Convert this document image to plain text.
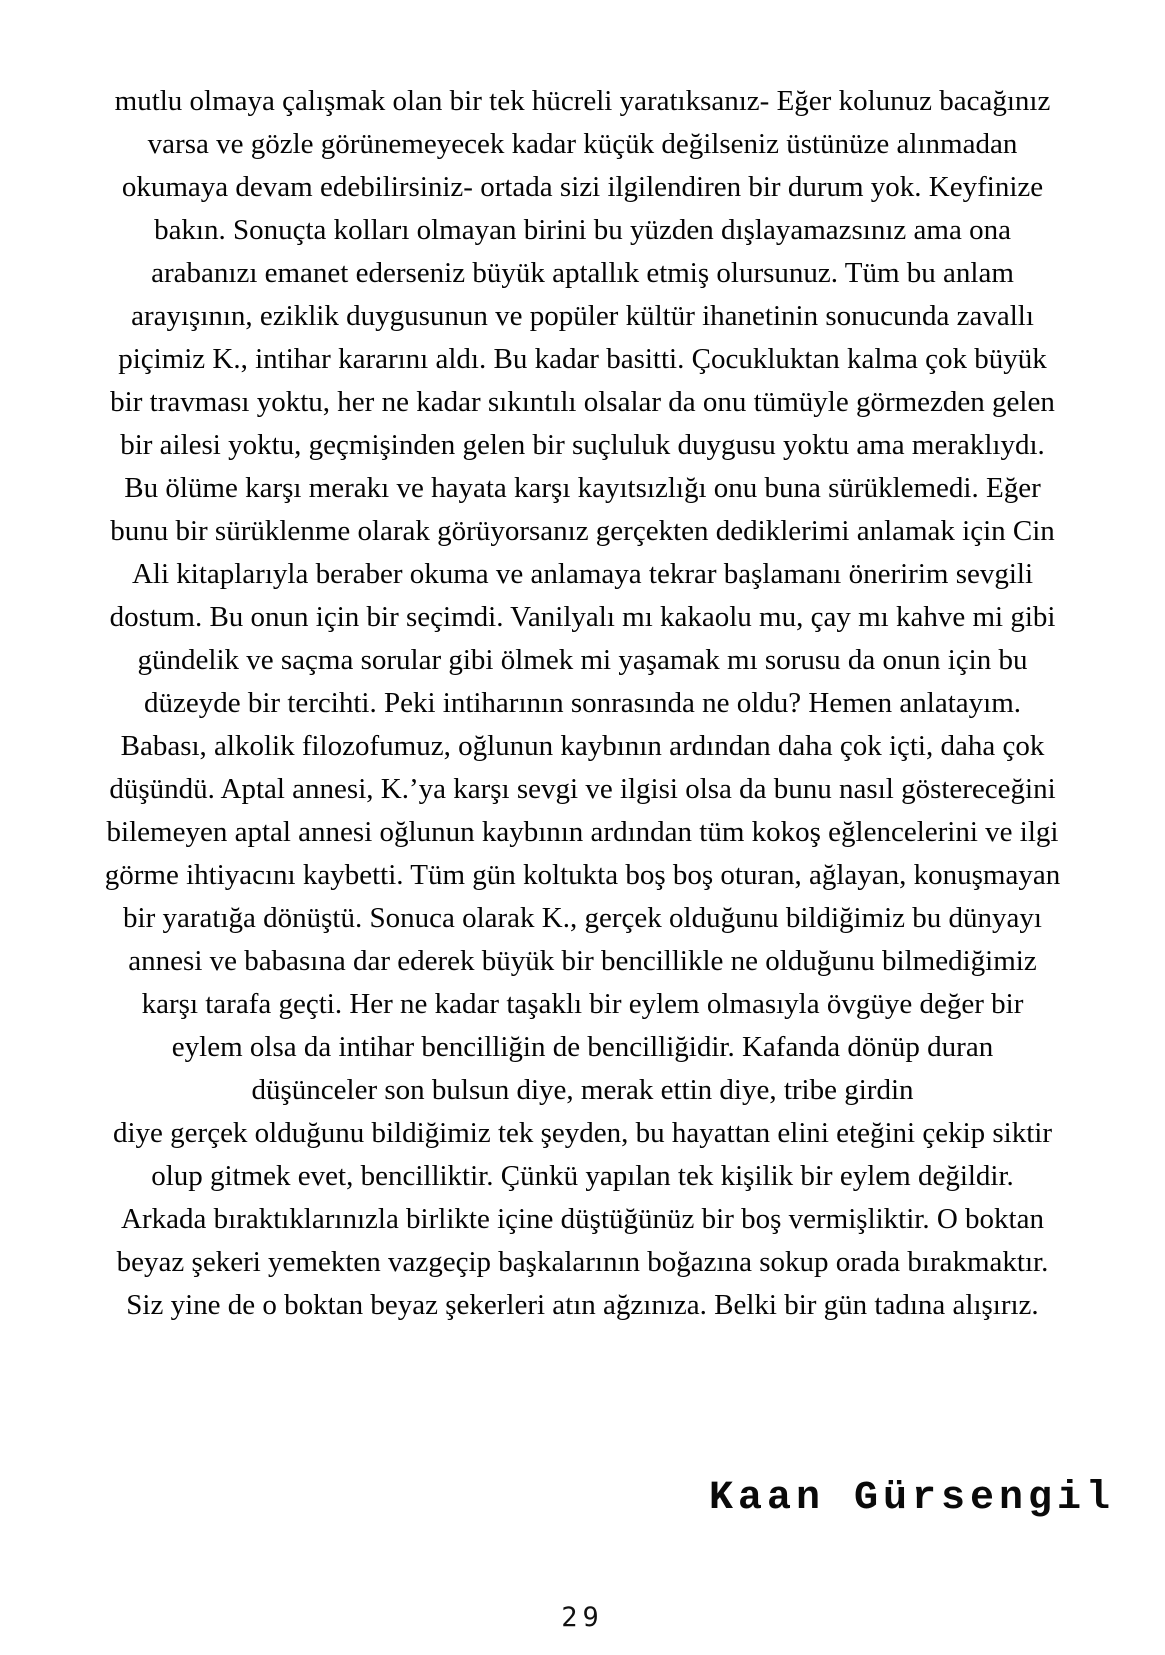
mutlu olmaya çalışmak olan bir tek hücreli yaratıksanız- Eğer kolunuz bacağınız
varsa ve gözle görünemeyecek kadar küçük değilseniz üstünüze alınmadan
okumaya devam edebilirsiniz- ortada sizi ilgilendiren bir durum yok. Keyfinize
bakın. Sonuçta kolları olmayan birini bu yüzden dışlayamazsınız ama ona
arabanızı emanet ederseniz büyük aptallık etmiş olursunuz. Tüm bu anlam
arayışının, eziklik duygusunun ve popüler kültür ihanetinin sonucunda zavallı
piçimiz K., intihar kararını aldı. Bu kadar basitti. Çocukluktan kalma çok büyük
bir travması yoktu, her ne kadar sıkıntılı olsalar da onu tümüyle görmezden gelen
bir ailesi yoktu, geçmişinden gelen bir suçluluk duygusu yoktu ama meraklıydı.
Bu ölüme karşı merakı ve hayata karşı kayıtsızlığı onu buna sürüklemedi. Eğer
bunu bir sürüklenme olarak görüyorsanız gerçekten dediklerimi anlamak için Cin
Ali kitaplarıyla beraber okuma ve anlamaya tekrar başlamanı öneririm sevgili
dostum. Bu onun için bir seçimdi. Vanilyalı mı kakaolu mu, çay mı kahve mi gibi
gündelik ve saçma sorular gibi ölmek mi yaşamak mı sorusu da onun için bu
düzeyde bir tercihti. Peki intiharının sonrasında ne oldu? Hemen anlatayım.
Babası, alkolik filozofumuz, oğlunun kaybının ardından daha çok içti, daha çok
düşündü. Aptal annesi, K.’ya karşı sevgi ve ilgisi olsa da bunu nasıl göstereceğini
bilemeyen aptal annesi oğlunun kaybının ardından tüm kokoş eğlencelerini ve ilgi
görme ihtiyacını kaybetti. Tüm gün koltukta boş boş oturan, ağlayan, konuşmayan
bir yaratığa dönüştü. Sonuca olarak K., gerçek olduğunu bildiğimiz bu dünyayı
annesi ve babasına dar ederek büyük bir bencillikle ne olduğunu bilmediğimiz
karşı tarafa geçti. Her ne kadar taşaklı bir eylem olmasıyla övgüye değer bir
eylem olsa da intihar bencilliğin de bencilliğidir. Kafanda dönüp duran
düşünceler son bulsun diye, merak ettin diye, tribe girdin
diye gerçek olduğunu bildiğimiz tek şeyden, bu hayattan elini eteğini çekip siktir
olup gitmek evet, bencilliktir. Çünkü yapılan tek kişilik bir eylem değildir.
Arkada bıraktıklarınızla birlikte içine düştüğünüz bir boş vermişliktir. O boktan
beyaz şekeri yemekten vazgeçip başkalarının boğazına sokup orada bırakmaktır.
Siz yine de o boktan beyaz şekerleri atın ağzınıza. Belki bir gün tadına alışırız.
Kaan Gürsengil
29
